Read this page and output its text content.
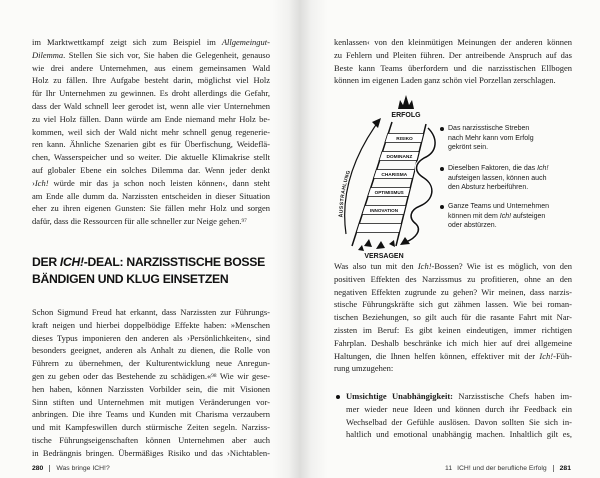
im Marktwettkampf zeigt sich zum Beispiel im Allgemeingut-
Dilemma. Stellen Sie sich vor, Sie haben die Gelegenheit, genauso
wie drei andere Unternehmen, aus einem gemeinsamen Wald
Holz zu fällen. Ihre Aufgabe besteht darin, möglichst viel Holz
für Ihr Unternehmen zu gewinnen. Es droht allerdings die Gefahr,
dass der Wald schnell leer gerodet ist, wenn alle vier Unternehmen
zu viel Holz fällen. Dann würde am Ende niemand mehr Holz be-
kommen, weil sich der Wald nicht mehr schnell genug regenerie-
ren kann. Ähnliche Szenarien gibt es für Überfischung, Weideflä-
chen, Wasserspeicher und so weiter. Die aktuelle Klimakrise stellt
auf globaler Ebene ein solches Dilemma dar. Wenn jeder denkt
›Ich! würde mir das ja schon noch leisten können‹, dann steht
am Ende alle dumm da. Narzissten entscheiden in dieser Situation
eher zu ihren eigenen Gunsten: Sie fällen mehr Holz und sorgen
dafür, dass die Ressourcen für alle schneller zur Neige gehen.$^{97}$
DER ICH!-DEAL: NARZISSTISCHE BOSSE
BÄNDIGEN UND KLUG EINSETZEN
Schon Sigmund Freud hat erkannt, dass Narzissten zur Führungs-
kraft neigen und hierbei doppelbödige Effekte haben: »Menschen
dieses Typus imponieren den anderen als ›Persönlichkeiten‹, sind
besonders geeignet, anderen als Anhalt zu dienen, die Rolle von
Führern zu übernehmen, der Kulturentwicklung neue Anregun-
gen zu geben oder das Bestehende zu schädigen.«$^{98}$ Wie wir gese-
hen haben, können Narzissten Vorbilder sein, die mit Visionen
Sinn stiften und Unternehmen mit mutigen Veränderungen vor-
anbringen. Die ihre Teams und Kunden mit Charisma verzaubern
und mit Kampfeswillen durch stürmische Zeiten segeln. Narziss-
tische Führungseigenschaften können Unternehmen aber auch
in Bedrängnis bringen. Übermäßiges Risiko und das ›Nichtablen-
280 Was bringe ICH!?
kenlassen‹ von den kleinmütigen Meinungen der anderen können
zu Fehlern und Pleiten führen. Der antreibende Anspruch auf das
Beste kann Teams überfordern und die narzisstischen Ellbogen
können im eigenen Laden ganz schön viel Porzellan zerschlagen.
AUSSTRAHLUNG
ERFOLG
RISIKO
DOMINANZ
CHARISMA
OPTIMISMUS
INNOVATION
VERSAGEN
Das narzisstische Streben
nach Mehr kann vom Erfolg
gekrönt sein.
Dieselben Faktoren, die das Ich!
aufsteigen lassen, können auch
den Absturz herbeiführen.
Ganze Teams und Unternehmen
können mit dem Ich! aufsteigen
oder abstürzen.
Was also tun mit den Ich!-Bossen? Wie ist es möglich, von den
positiven Effekten des Narzissmus zu profitieren, ohne an den
negativen Effekten zugrunde zu gehen? Wir meinen, dass narzis-
stische Führungskräfte sich gut zähmen lassen. Wie bei roman-
tischen Beziehungen, so gilt auch für die rasante Fahrt mit Nar-
zissten im Beruf: Es gibt keinen eindeutigen, immer richtigen
Fahrplan. Deshalb beschränke ich mich hier auf drei allgemeine
Haltungen, die Ihnen helfen können, effektiver mit der Ich!-Füh-
rung umzugehen:
Umsichtige Unabhängigkeit: Narzisstische Chefs haben im-
mer wieder neue Ideen und können durch ihr Feedback ein
Wechselbad der Gefühle auslösen. Davon sollten Sie sich in-
haltlich und emotional unabhängig machen. Inhaltlich gilt es,
11 ICH! und der berufliche Erfolg 281
